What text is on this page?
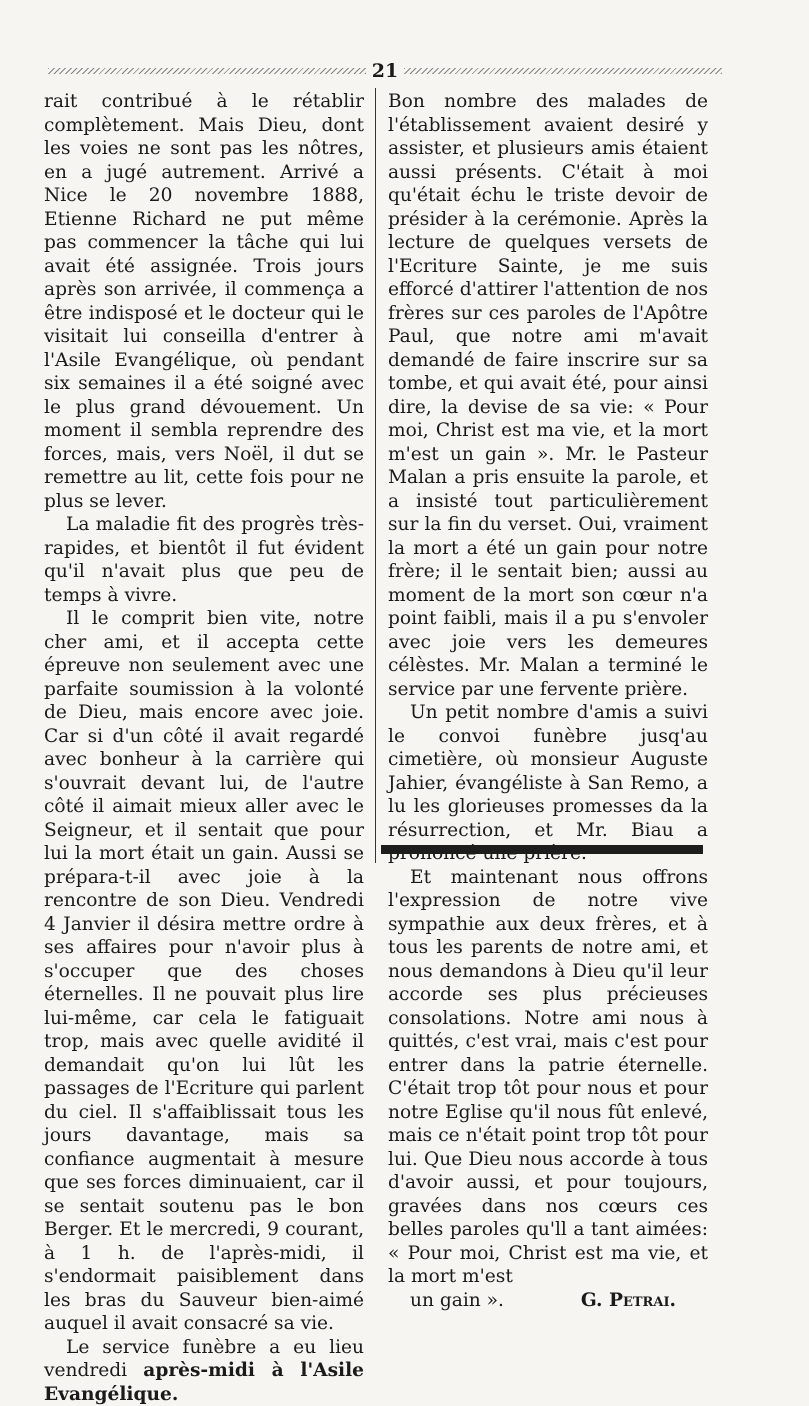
21

rait contribué à le rétablir complètement. Mais Dieu, dont les voies ne sont pas les nôtres, en a jugé autrement. Arrivé a Nice le 20 novembre 1888, Etienne Richard ne put même pas commencer la tâche qui lui avait été assignée. Trois jours après son arrivée, il commença a être indisposé et le docteur qui le visitait lui conseilla d'entrer à l'Asile Evangélique, où pendant six semaines il a été soigné avec le plus grand dévouement. Un moment il sembla reprendre des forces, mais, vers Noël, il dut se remettre au lit, cette fois pour ne plus se lever.

La maladie fit des progrès très-rapides, et bientôt il fut évident qu'il n'avait plus que peu de temps à vivre.

Il le comprit bien vite, notre cher ami, et il accepta cette épreuve non seulement avec une parfaite soumission à la volonté de Dieu, mais encore avec joie. Car si d'un côté il avait regardé avec bonheur à la carrière qui s'ouvrait devant lui, de l'autre côté il aimait mieux aller avec le Seigneur, et il sentait que pour lui la mort était un gain. Aussi se prépara-t-il avec joie à la rencontre de son Dieu. Vendredi 4 Janvier il désira mettre ordre à ses affaires pour n'avoir plus à s'occuper que des choses éternelles. Il ne pouvait plus lire lui-même, car cela le fatiguait trop, mais avec quelle avidité il demandait qu'on lui lût les passages de l'Ecriture qui parlent du ciel. Il s'affaiblissait tous les jours davantage, mais sa confiance augmentait à mesure que ses forces diminuaient, car il se sentait soutenu pas le bon Berger. Et le mercredi, 9 courant, à 1 h. de l'après-midi, il s'endormait paisiblement dans les bras du Sauveur bien-aimé auquel il avait consacré sa vie.

Le service funèbre a eu lieu vendredi après-midi à l'Asile Evangélique.

Bon nombre des malades de l'établissement avaient desiré y assister, et plusieurs amis étaient aussi présents. C'était à moi qu'était échu le triste devoir de présider à la cerémonie. Après la lecture de quelques versets de l'Ecriture Sainte, je me suis efforcé d'attirer l'attention de nos frères sur ces paroles de l'Apôtre Paul, que notre ami m'avait demandé de faire inscrire sur sa tombe, et qui avait été, pour ainsi dire, la devise de sa vie: « Pour moi, Christ est ma vie, et la mort m'est un gain ». Mr. le Pasteur Malan a pris ensuite la parole, et a insisté tout particulièrement sur la fin du verset. Oui, vraiment la mort a été un gain pour notre frère; il le sentait bien; aussi au moment de la mort son cœur n'a point faibli, mais il a pu s'envoler avec joie vers les demeures célèstes. Mr. Malan a terminé le service par une fervente prière.

Un petit nombre d'amis a suivi le convoi funèbre jusq'au cimetière, où monsieur Auguste Jahier, évangéliste à San Remo, a lu les glorieuses promesses da la résurrection, et Mr. Biau a

Et maintenant nous offrons l'expression de notre vive sympathie aux deux frères, et à tous les parents de notre ami, et nous demandons à Dieu qu'il leur accorde ses plus précieuses consolations. Notre ami nous à quittés, c'est vrai, mais c'est pour entrer dans la patrie éternelle. C'était trop tôt pour nous et pour notre Eglise qu'il nous fût enlevé, mais ce n'était point trop tôt pour lui. Que Dieu nous accorde à tous d'avoir aussi, et pour toujours, gravées dans nos cœurs ces belles paroles qu'll a tant aimées: « Pour moi, Christ est ma vie, et la mort m'est

un gain ».	G. Petrai.
